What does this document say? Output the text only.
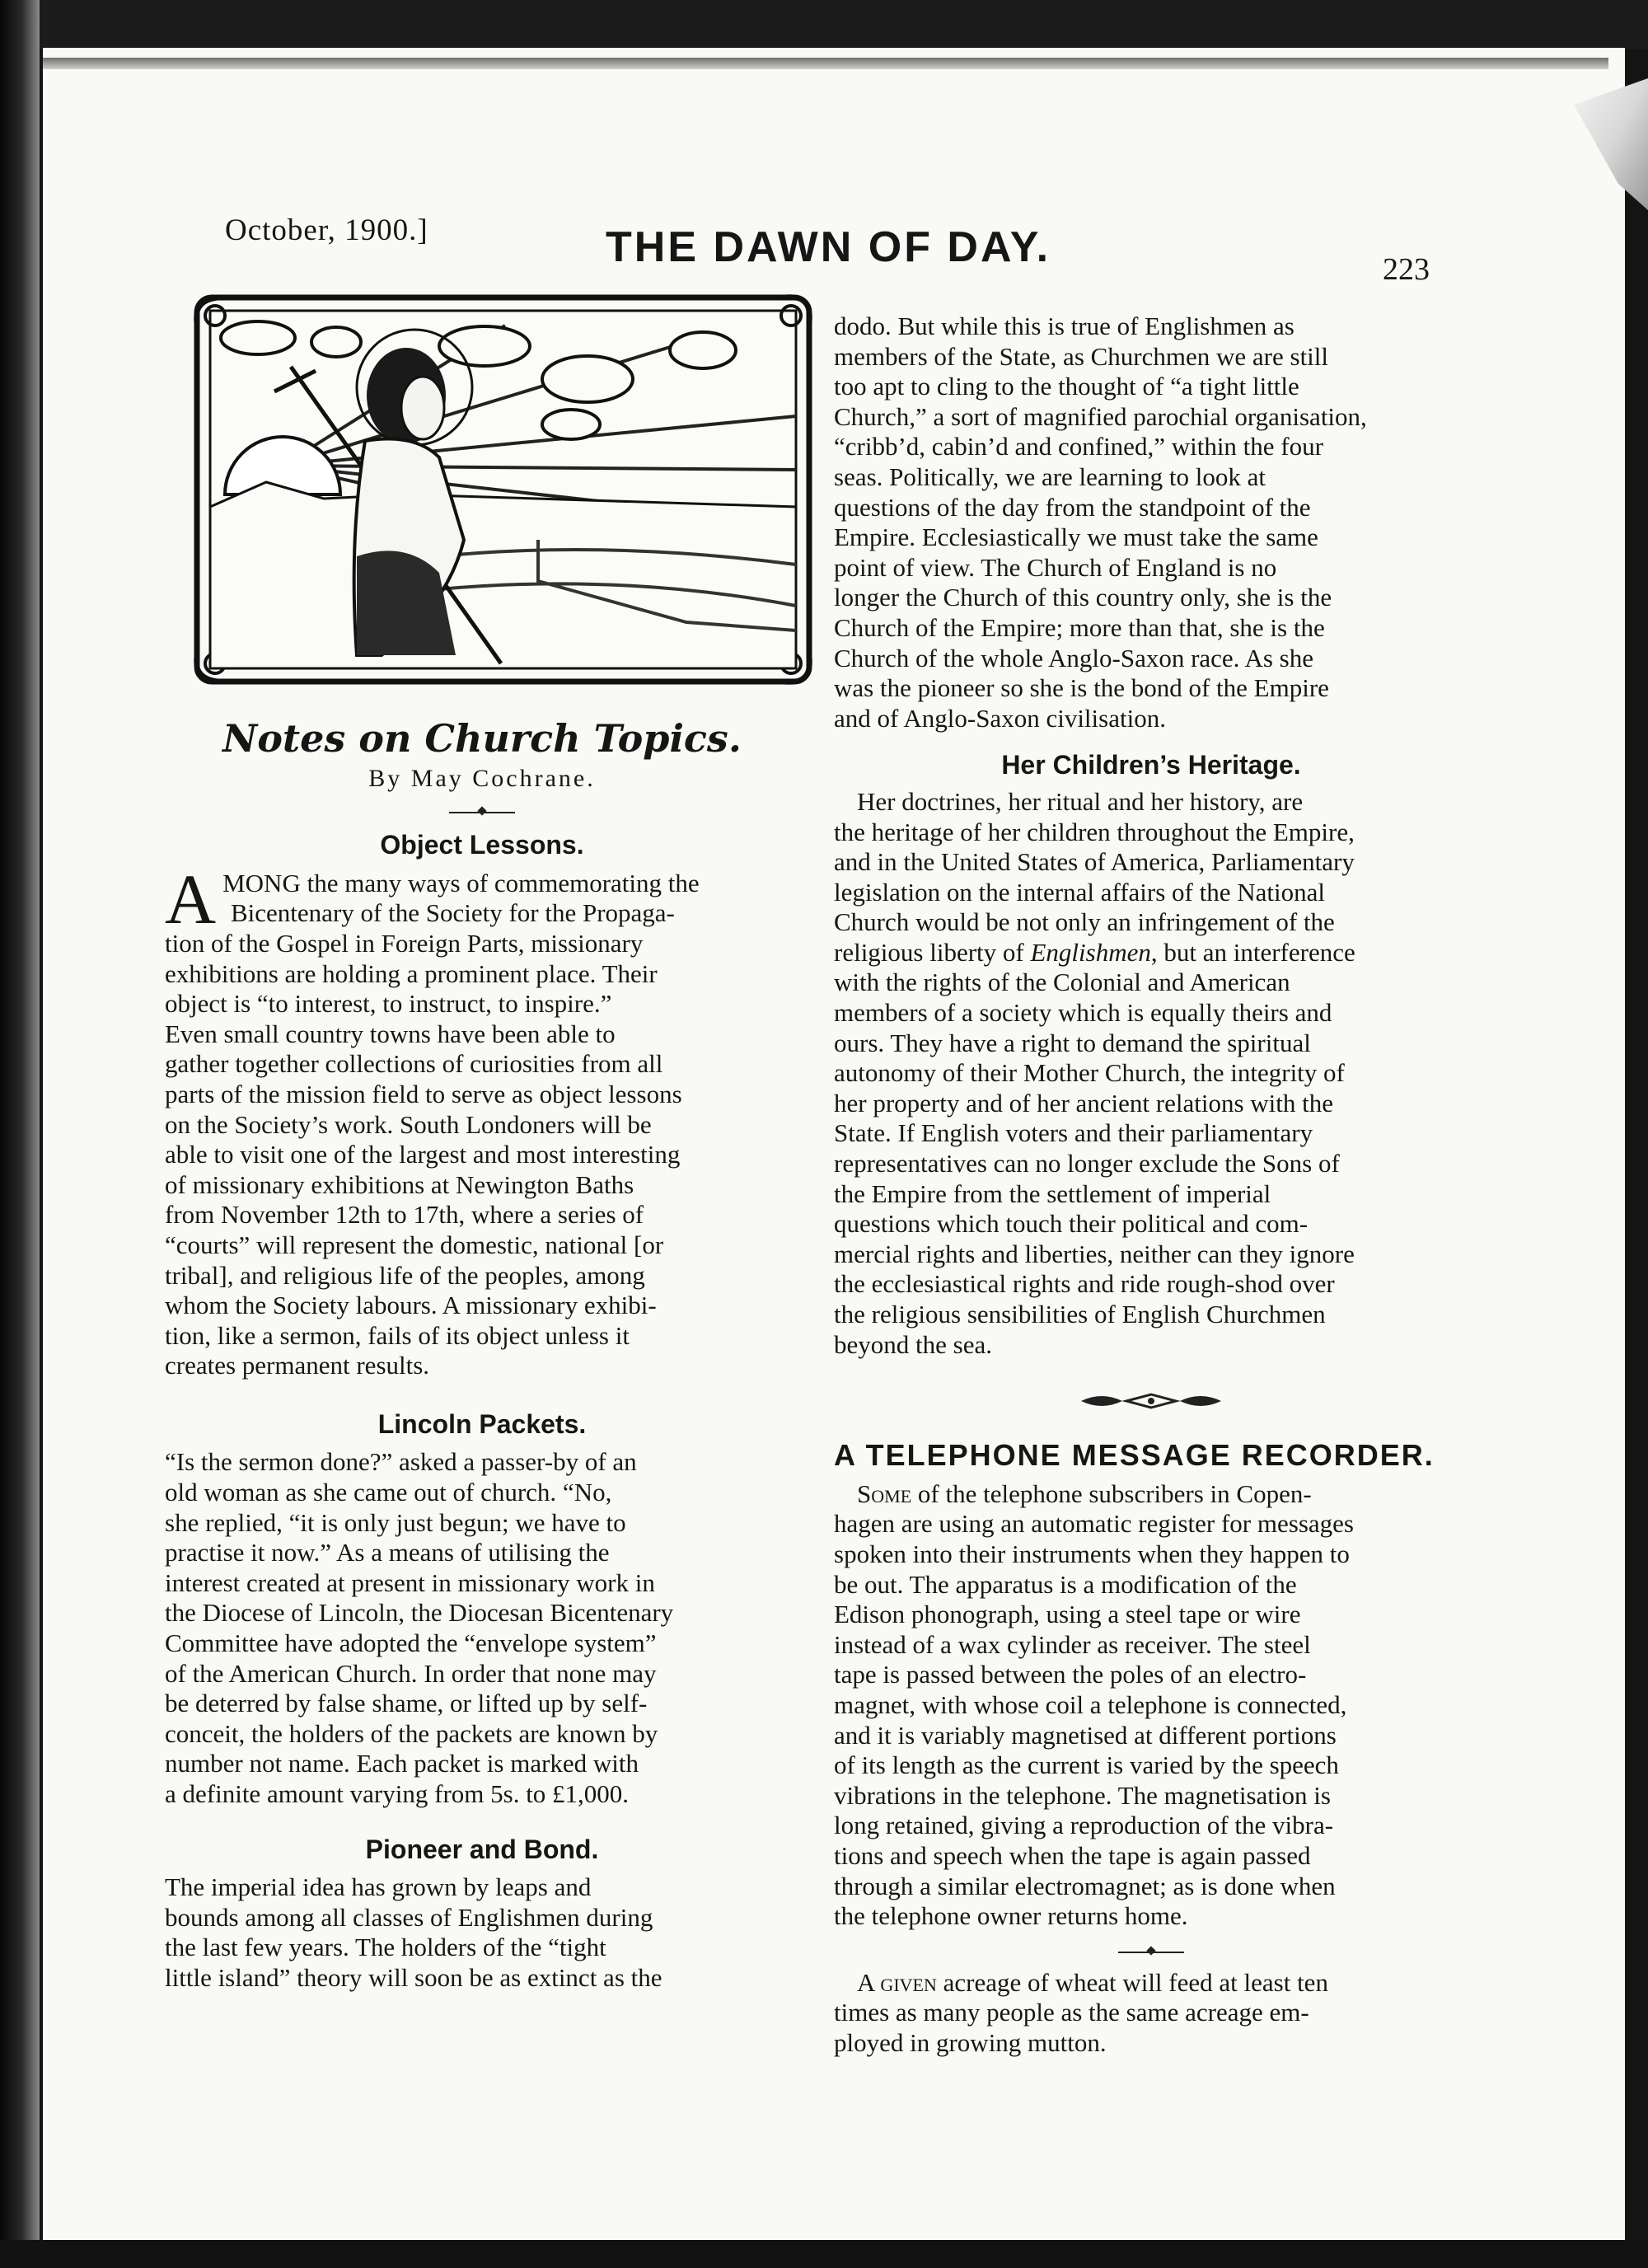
October, 1900.]	THE DAWN OF DAY.	223
Notes on Church Topics.
By May Cochrane.
Object Lessons.
A MONG the many ways of commemorating the
Bicentenary of the Society for the Propaga-
tion of the Gospel in Foreign Parts, missionary
exhibitions are holding a prominent place. Their
object is “to interest, to instruct, to inspire.”
Even small country towns have been able to
gather together collections of curiosities from all
parts of the mission field to serve as object lessons
on the Society’s work. South Londoners will be
able to visit one of the largest and most interesting
of missionary exhibitions at Newington Baths
from November 12th to 17th, where a series of
“courts” will represent the domestic, national [or
tribal], and religious life of the peoples, among
whom the Society labours. A missionary exhibi-
tion, like a sermon, fails of its object unless it
creates permanent results.
Lincoln Packets.
“Is the sermon done?” asked a passer-by of an
old woman as she came out of church. “No,
she replied, “it is only just begun; we have to
practise it now.” As a means of utilising the
interest created at present in missionary work in
the Diocese of Lincoln, the Diocesan Bicentenary
Committee have adopted the “envelope system”
of the American Church. In order that none may
be deterred by false shame, or lifted up by self-
conceit, the holders of the packets are known by
number not name. Each packet is marked with
a definite amount varying from 5s. to £1,000.
Pioneer and Bond.
The imperial idea has grown by leaps and
bounds among all classes of Englishmen during
the last few years. The holders of the “tight
little island” theory will soon be as extinct as the
dodo. But while this is true of Englishmen as
members of the State, as Churchmen we are still
too apt to cling to the thought of “a tight little
Church,” a sort of magnified parochial organisation,
“cribb’d, cabin’d and confined,” within the four
seas. Politically, we are learning to look at
questions of the day from the standpoint of the
Empire. Ecclesiastically we must take the same
point of view. The Church of England is no
longer the Church of this country only, she is the
Church of the Empire; more than that, she is the
Church of the whole Anglo-Saxon race. As she
was the pioneer so she is the bond of the Empire
and of Anglo-Saxon civilisation.
Her Children’s Heritage.
Her doctrines, her ritual and her history, are
the heritage of her children throughout the Empire,
and in the United States of America, Parliamentary
legislation on the internal affairs of the National
Church would be not only an infringement of the
religious liberty of Englishmen, but an interference
with the rights of the Colonial and American
members of a society which is equally theirs and
ours. They have a right to demand the spiritual
autonomy of their Mother Church, the integrity of
her property and of her ancient relations with the
State. If English voters and their parliamentary
representatives can no longer exclude the Sons of
the Empire from the settlement of imperial
questions which touch their political and com-
mercial rights and liberties, neither can they ignore
the ecclesiastical rights and ride rough-shod over
the religious sensibilities of English Churchmen
beyond the sea.
A TELEPHONE MESSAGE RECORDER.
Some of the telephone subscribers in Copen-
hagen are using an automatic register for messages
spoken into their instruments when they happen to
be out. The apparatus is a modification of the
Edison phonograph, using a steel tape or wire
instead of a wax cylinder as receiver. The steel
tape is passed between the poles of an electro-
magnet, with whose coil a telephone is connected,
and it is variably magnetised at different portions
of its length as the current is varied by the speech
vibrations in the telephone. The magnetisation is
long retained, giving a reproduction of the vibra-
tions and speech when the tape is again passed
through a similar electromagnet; as is done when
the telephone owner returns home.
A given acreage of wheat will feed at least ten
times as many people as the same acreage em-
ployed in growing mutton.
